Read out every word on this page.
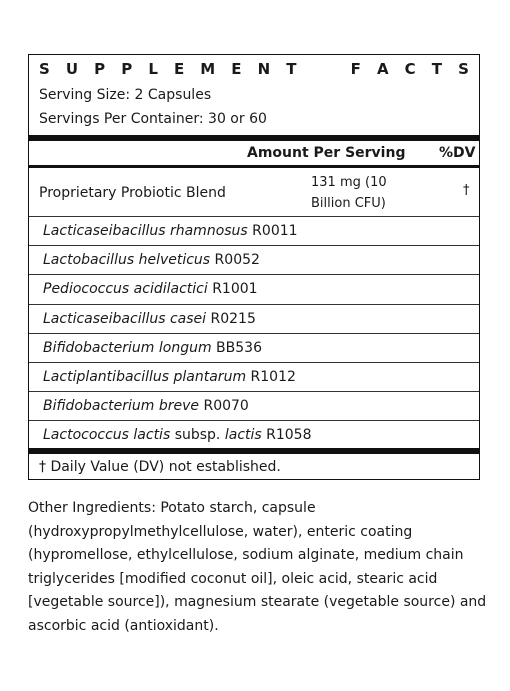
S U P P L E M E N T	F A C T S
Serving Size: 2 Capsules
Servings Per Container: 30 or 60
Amount Per Serving %DV
Proprietary Probiotic Blend
131 mg (10
Billion CFU)
†
† Daily Value (DV) not established.
Lacticaseibacillus rhamnosus R0011
Lactobacillus helveticus R0052
Pediococcus acidilactici R1001
Lacticaseibacillus casei R0215
Bifidobacterium longum BB536
Lactiplantibacillus plantarum R1012
Bifidobacterium breve R0070
Lactococcus lactis subsp. lactis R1058
Other Ingredients: Potato starch, capsule (hydroxypropylmethylcellulose, water), enteric coating (hypromellose, ethylcellulose, sodium alginate, medium chain triglycerides [modified coconut oil], oleic acid, stearic acid [vegetable source]), magnesium stearate (vegetable source) and ascorbic acid (antioxidant).
